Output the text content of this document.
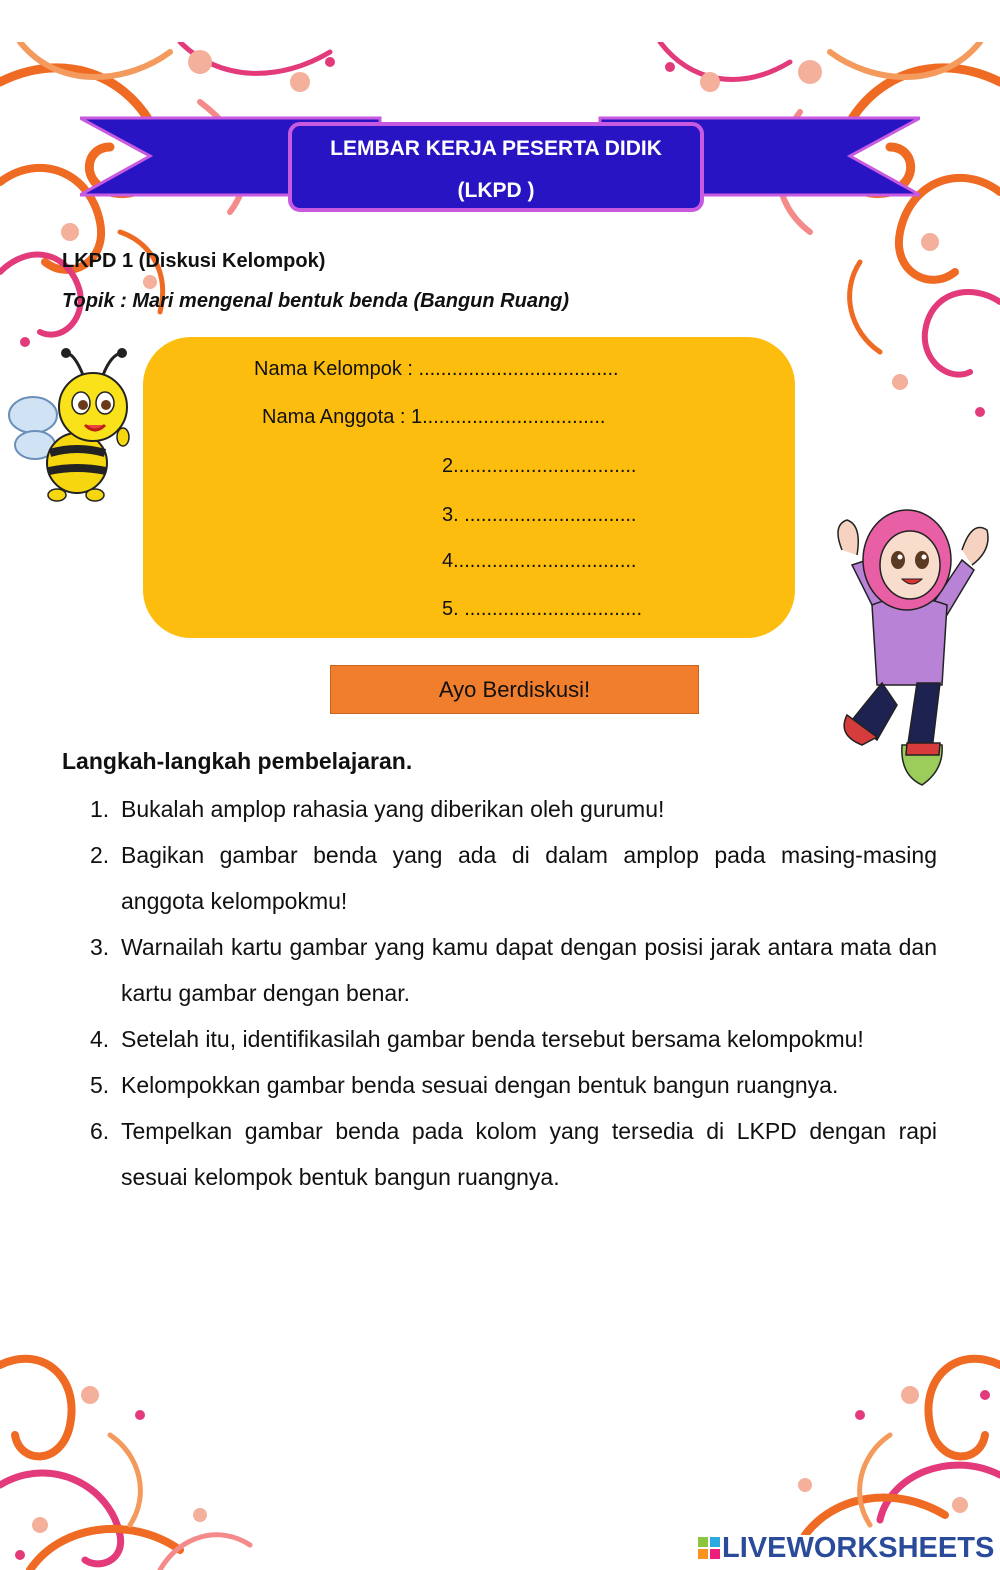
LEMBAR KERJA PESERTA DIDIK
(LKPD )
LKPD 1 (Diskusi Kelompok)
Topik : Mari mengenal bentuk benda (Bangun Ruang)
Nama Kelompok : ....................................
Nama Anggota : 1.................................
2.................................
3. ...............................
4.................................
5. ................................
Ayo Berdiskusi!
Langkah-langkah pembelajaran.
1. Bukalah amplop rahasia yang diberikan oleh gurumu!
2. Bagikan gambar benda yang ada di dalam amplop pada masing-masing anggota kelompokmu!
3. Warnailah kartu gambar yang kamu dapat dengan posisi jarak antara mata dan kartu gambar dengan benar.
4. Setelah itu, identifikasilah gambar benda tersebut bersama kelompokmu!
5. Kelompokkan gambar benda sesuai dengan bentuk bangun ruangnya.
6. Tempelkan gambar benda pada kolom yang tersedia di LKPD dengan rapi sesuai kelompok bentuk bangun ruangnya.
LIVEWORKSHEETS
